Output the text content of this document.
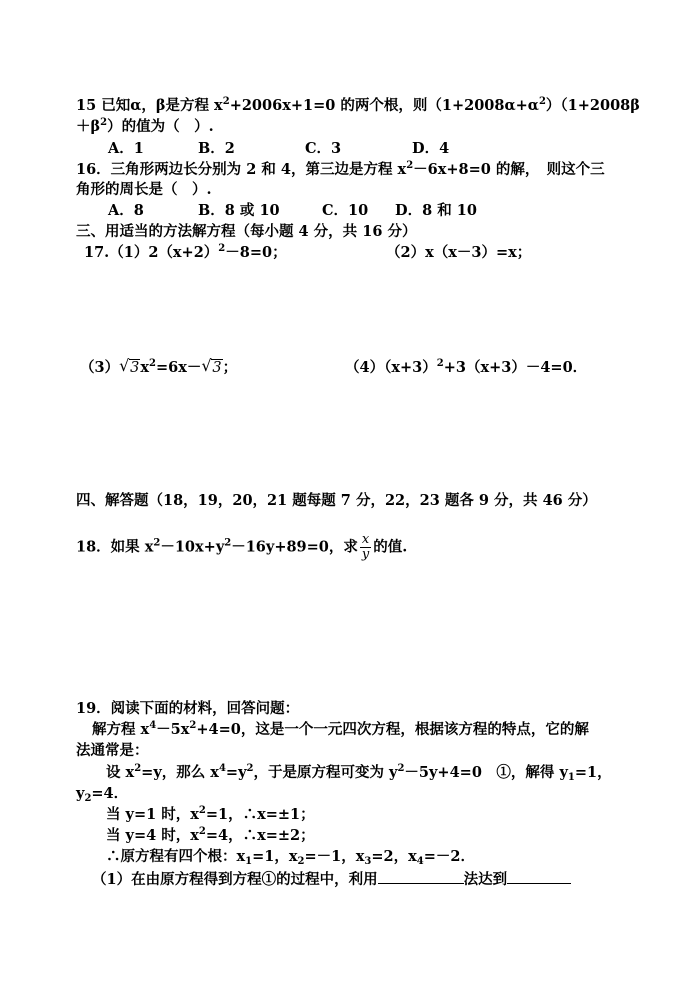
15 已知α，β是方程 $x^2+2006x+1=0$ 的两个根，则$(1+2008\alpha+\alpha^2)(1+2008\beta$
$+\beta^2$）的值为（　）.
A．1	B．2	C．3	D．4
16．三角形两边长分别为 2 和 4，第三边是方程 $x^2-6x+8=0$ 的解，　则这个三
角形的周长是（　）.
A．8	B．8 或 10	C．10 D．8 和 10
三、用适当的方法解方程（每小题 4 分，共 16 分）
$17.(1)2(x+2)^2-8=0$；	（2）x（x－3）=x；
（3） √ $3x^2=6x-$ √ 3；	$(4)(x+3)^2+3(x+3)-4=0$．
四、解答题（18，19，20，21 题每题 7 分，22，23 题各 9 分，共 46 分）
18．如果 $x^2-10x+y^2-16y+89=0$，求 $\frac{x}{y}$ 的值.
19．阅读下面的材料，回答问题：
解方程 $x^4-5x^2+4=0$，这是一个一元四次方程，根据该方程的特点，它的解
法通常是：
设 $x^2=y$，那么 $x^4=y^2$，于是原方程可变为 $y^2-5y+4=0$　①，解得 $y_1=1$，
$y_2=4$．
当 y=1 时，$x^2=1$，∴x=±1；
当 y=4 时，$x^2=4$，∴x=±2；
∴原方程有四个根：$x_1=1$，$x_2=-1$，$x_3=2$，$x_4=-2$．
（1）在由原方程得到方程①的过程中，利用	法达到
